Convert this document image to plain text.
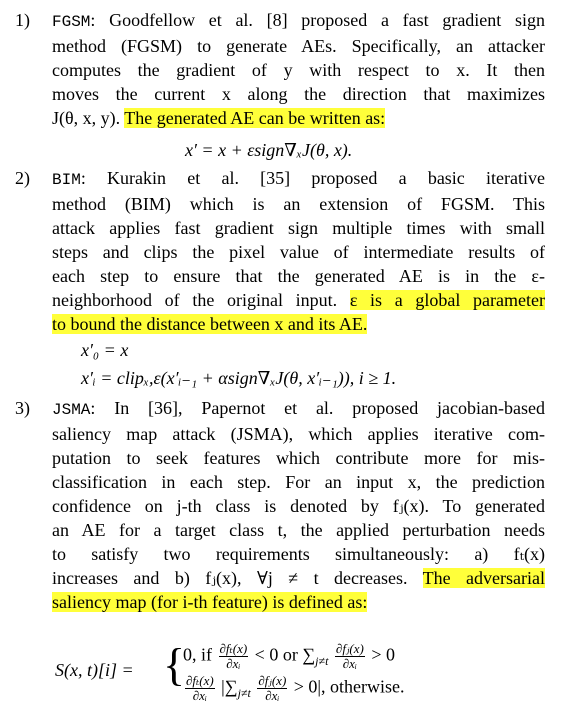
1) FGSM: Goodfellow et al. [8] proposed a fast gradient sign
method (FGSM) to generate AEs. Specifically, an attacker
computes the gradient of y with respect to x. It then
moves the current x along the direction that maximizes
J(θ, x, y). The generated AE can be written as:
x′ = x + εsign∇ₓJ(θ, x).
2) BIM: Kurakin et al. [35] proposed a basic iterative
method (BIM) which is an extension of FGSM. This
attack applies fast gradient sign multiple times with small
steps and clips the pixel value of intermediate results of
each step to ensure that the generated AE is in the ε-
neighborhood of the original input. ε is a global parameter
to bound the distance between x and its AE.
x′₀ = x
x′ᵢ = clipₓ,ε(x′ᵢ₋₁ + αsign∇ₓJ(θ, x′ᵢ₋₁)), i ≥ 1.
3) JSMA: In [36], Papernot et al. proposed jacobian-based
saliency map attack (JSMA), which applies iterative com-
putation to seek features which contribute more for mis-
classification in each step. For an input x, the prediction
confidence on j-th class is denoted by fⱼ(x). To generated
an AE for a target class t, the applied perturbation needs
to satisfy two requirements simultaneously: a) fₜ(x)
increases and b) fⱼ(x), ∀j ≠ t decreases. The adversarial
saliency map (for i-th feature) is defined as:
S(x, t)[i] = {
0, if $\frac{\text{∂fₜ(x)}}{\text{∂xᵢ}} < 0$ or $\sum_{j\ne t} \frac{\text{∂fⱼ(x)}}{\text{∂xᵢ}} > 0$
$\frac{\text{∂fₜ(x)}}{\text{∂xᵢ}} |\sum_{j\ne t} \frac{\text{∂fⱼ(x)}}{\text{∂xᵢ}} > 0|$, otherwise.
